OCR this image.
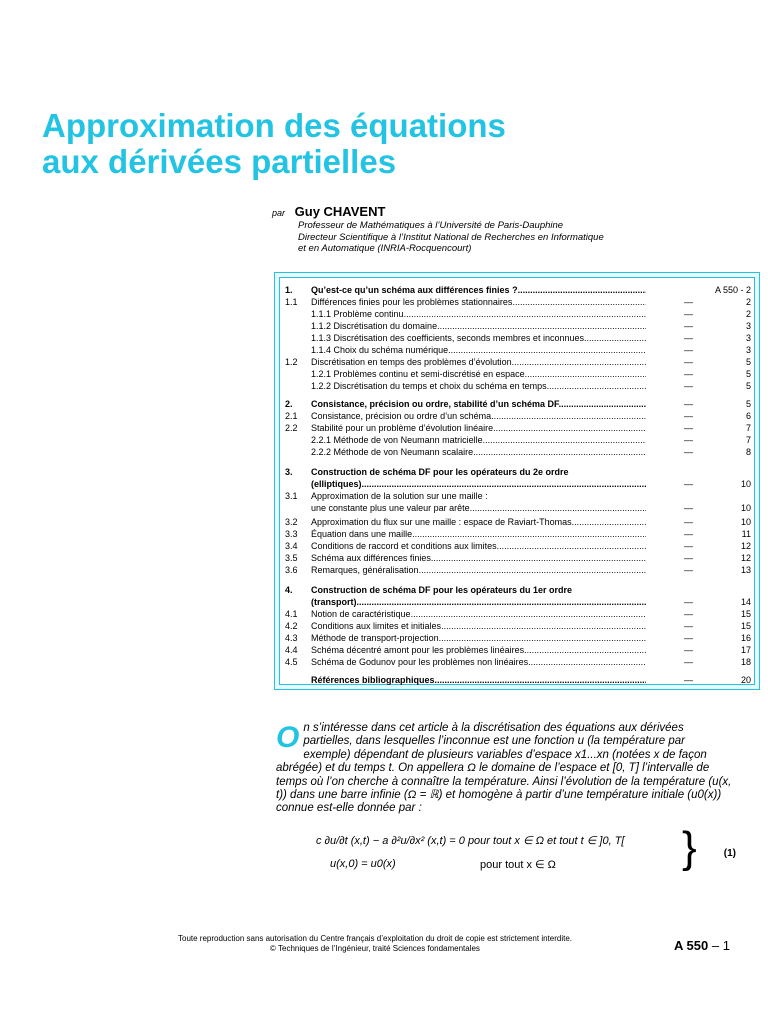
Approximation des équations
aux dérivées partielles
par Guy CHAVENT
Professeur de Mathématiques à l’Université de Paris-Dauphine
Directeur Scientifique à l’Institut National de Recherches en Informatique
et en Automatique (INRIA-Rocquencourt)
1. Qu’est-ce qu’un schéma aux différences finies ? .....	A 550 - 2
1.1 Différences finies pour les problèmes stationnaires .....	—	2
1.1.1 Problème continu .....	—	2
1.1.2 Discrétisation du domaine .....	—	3
1.1.3 Discrétisation des coefficients, seconds membres et inconnues .....	—	3
1.1.4 Choix du schéma numérique .....	—	3
1.2 Discrétisation en temps des problèmes d’évolution .....	—	5
1.2.1 Problèmes continu et semi-discrétisé en espace .....	—	5
1.2.2 Discrétisation du temps et choix du schéma en temps .....	—	5
2. Consistance, précision ou ordre, stabilité d’un schéma DF .....	—	5
2.1 Consistance, précision ou ordre d’un schéma .....	—	6
2.2 Stabilité pour un problème d’évolution linéaire .....	—	7
2.2.1 Méthode de von Neumann matricielle .....	—	7
2.2.2 Méthode de von Neumann scalaire .....	—	8
3. Construction de schéma DF pour les opérateurs du 2e ordre
(elliptiques) .....	—	10
3.1 Approximation de la solution sur une maille :
une constante plus une valeur par arête .....	—	10
3.2 Approximation du flux sur une maille : espace de Raviart-Thomas .....	—	10
3.3 Équation dans une maille .....	—	11
3.4 Conditions de raccord et conditions aux limites .....	—	12
3.5 Schéma aux différences finies .....	—	12
3.6 Remarques, généralisation .....	—	13
4. Construction de schéma DF pour les opérateurs du 1er ordre
(transport) .....	—	14
4.1 Notion de caractéristique .....	—	15
4.2 Conditions aux limites et initiales .....	—	15
4.3 Méthode de transport-projection .....	—	16
4.4 Schéma décentré amont pour les problèmes linéaires .....	—	17
4.5 Schéma de Godunov pour les problèmes non linéaires .....	—	18
Références bibliographiques .....	—	20
O n s’intéresse dans cet article à la discrétisation des équations aux dérivées partielles, dans lesquelles l’inconnue est une fonction u (la température par exemple) dépendant de plusieurs variables d’espace x1...xn (notées x de façon abrégée) et du temps t. On appellera Ω le domaine de l’espace et [0, T] l’intervalle de temps où l’on cherche à connaître la température. Ainsi l’évolution de la température (u(x, t)) dans une barre infinie (Ω = ℝ) et homogène à partir d’une température initiale (u0(x)) connue est-elle donnée par :
c ∂u/∂t (x,t) − a ∂²u/∂x² (x,t) = 0 pour tout x ∈ Ω et tout t ∈ ]0, T[
u(x,0) = u0(x)	pour tout x ∈ Ω	}	(1)
Toute reproduction sans autorisation du Centre français d’exploitation du droit de copie est strictement interdite.
© Techniques de l’Ingénieur, traité Sciences fondamentales	A 550 – 1
